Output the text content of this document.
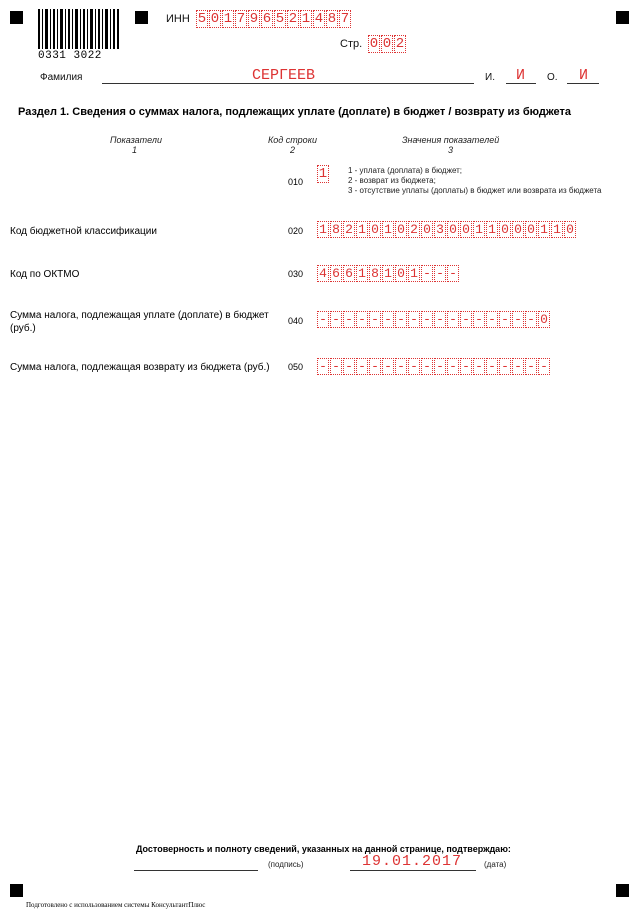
0331 3022
ИНН 5 0 1 7 9 6 5 2 1 4 8 7
Стр. 0 0 2
Фамилия	СЕРГЕЕВ	И. И О. И
Раздел 1. Сведения о суммах налога, подлежащих уплате (доплате) в бюджет / возврату из бюджета
Показатели
1
Код строки
2
Значения показателей
3
010 1	1 - уплата (доплата) в бюджет;
2 - возврат из бюджета;
3 - отсутствие уплаты (доплаты) в бюджет или возврата из бюджета
Код бюджетной классификации	020 1 8 2 1 0 1 0 2 0 3 0 0 1 1 0 0 0 1 1 0
Код по ОКТМО	030 4 6 6 1 8 1 0 1 - - -
Сумма налога, подлежащая уплате (доплате) в бюджет (руб.)
040 - - - - - - - - - - - - - - - - - 0
Сумма налога, подлежащая возврату из бюджета (руб.)	050 - - - - - - - - - - - - - - - - - -
Достоверность и полноту сведений, указанных на данной странице, подтверждаю:
(подпись)	19.01.2017	(дата)
Подготовлено с использованием системы КонсультантПлюс
